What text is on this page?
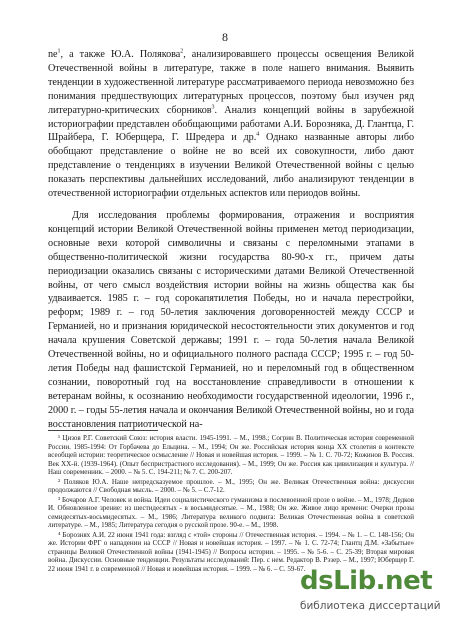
8

$ne^1$, а также Ю.А. Полякова$^2$, анализировавшего процессы освещения Великой Отечественной войны в литературе, также в поле нашего внимания. Выявить тенденции в художественной литературе рассматриваемого периода невозможно без понимания предшествующих литературных процессов, поэтому был изучен ряд литературно-критических сборников$^3$. Анализ концепций войны в зарубежной историографии представлен обобщающими работами А.И. Борозняка, Д. Глантца, Г. Шрайбера, Г. Юберщера, Г. Шредера и др.$^4$ Однако названные авторы либо обобщают представление о войне не во всей их совокупности, либо дают представление о тенденциях в изучении Великой Отечественной войны с целью показать перспективы дальнейших исследований, либо анализируют тенденции в отечественной историографии отдельных аспектов или периодов войны.

Для исследования проблемы формирования, отражения и восприятия концепций истории Великой Отечественной войны применен метод периодизации, основные вехи которой символичны и связаны с переломными этапами в общественно-политической жизни государства 80-90-х гг., причем даты периодизации оказались связаны с историческими датами Великой Отечественной войны, от чего смысл воздействия истории войны на жизнь общества как бы удваивается. 1985 г. – год сорокапятилетия Победы, но и начала перестройки, реформ; 1989 г. – год 50-летия заключения договоренностей между СССР и Германией, но и признания юридической несостоятельности этих документов и год начала крушения Советской державы; 1991 г. – года 50-летия начала Великой Отечественной войны, но и официального полного распада СССР; 1995 г. – год 50-летия Победы над фашистской Германией, но и переломный год в общественном сознании, поворотный год на восстановление справедливости в отношении к ветеранам войны, к осознанию необходимости государственной идеологии, 1996 г., 2000 г. – годы 55-летия начала и окончания Великой Отечественной войны, но и года восстановления патриотической на-

¹ Цизов Р.Г. Советский Союз: история власти. 1945-1991. – М., 1998.; Согрин В. Политическая история современной России. 1985-1994: От Горбачева до Ельцина. – М., 1994; Он же. Российская история конца XX столетия в контексте всеобщей истории: теоретическое осмысление // Новая и новейшая история. – 1999. – № 1. С. 70-72; Кожинов В. Россия. Век XX-й. (1939-1964). (Опыт беспристрастного исследования). – М., 1999; Он же. Россия как цивилизация и культура. // Наш современник. – 2000. – № 5. С. 194-211; № 7. С. 200-207.

² Поляков Ю.А. Наше непредсказуемое прошлое. – М., 1995; Он же. Великая Отечественная война: дискуссии продолжаются // Свободная мысль. – 2000. – № 5. – С.7-12.

³ Бочаров А.Г. Человек и война. Идеи социалистического гуманизма в послевоенной прозе о войне. – М., 1978; Дедков И. Обновленное зрение: из шестидесятых - в восьмидесятые. – М., 1988; Он же. Живое лицо времени: Очерки прозы семидесятых-восьмидесятых. – М., 1986; Литература великого подвига: Великая Отечественная война в советской литературе. – М., 1985; Литература сегодня о русской прозе. 90-е. – М., 1998.

⁴ Борознях А.И. 22 июня 1941 года: взгляд с «той» стороны // Отечественная история. – 1994. – № 1. – С. 148-156; Он же. Истории ФРГ о нападении на СССР // Новая и новейшая история. – 1997. – № 1. С. 72-74; Глантц Д.М. «Забытые» страницы Великой Отечественной войны (1941-1945) // Вопросы истории. – 1995. – № 5-6. – С. 25-39; Вторая мировая война. Дискуссии. Основные тенденции. Результаты исследований: Пер. с нем. Редактор В. Рэзер. – М., 1997; Юберщер Г. 22 июня 1941 г. в современной // Новая и новейшая история. – 1999. – № 6. – С. 59-67.

dsLib.net
библиотека диссертаций
